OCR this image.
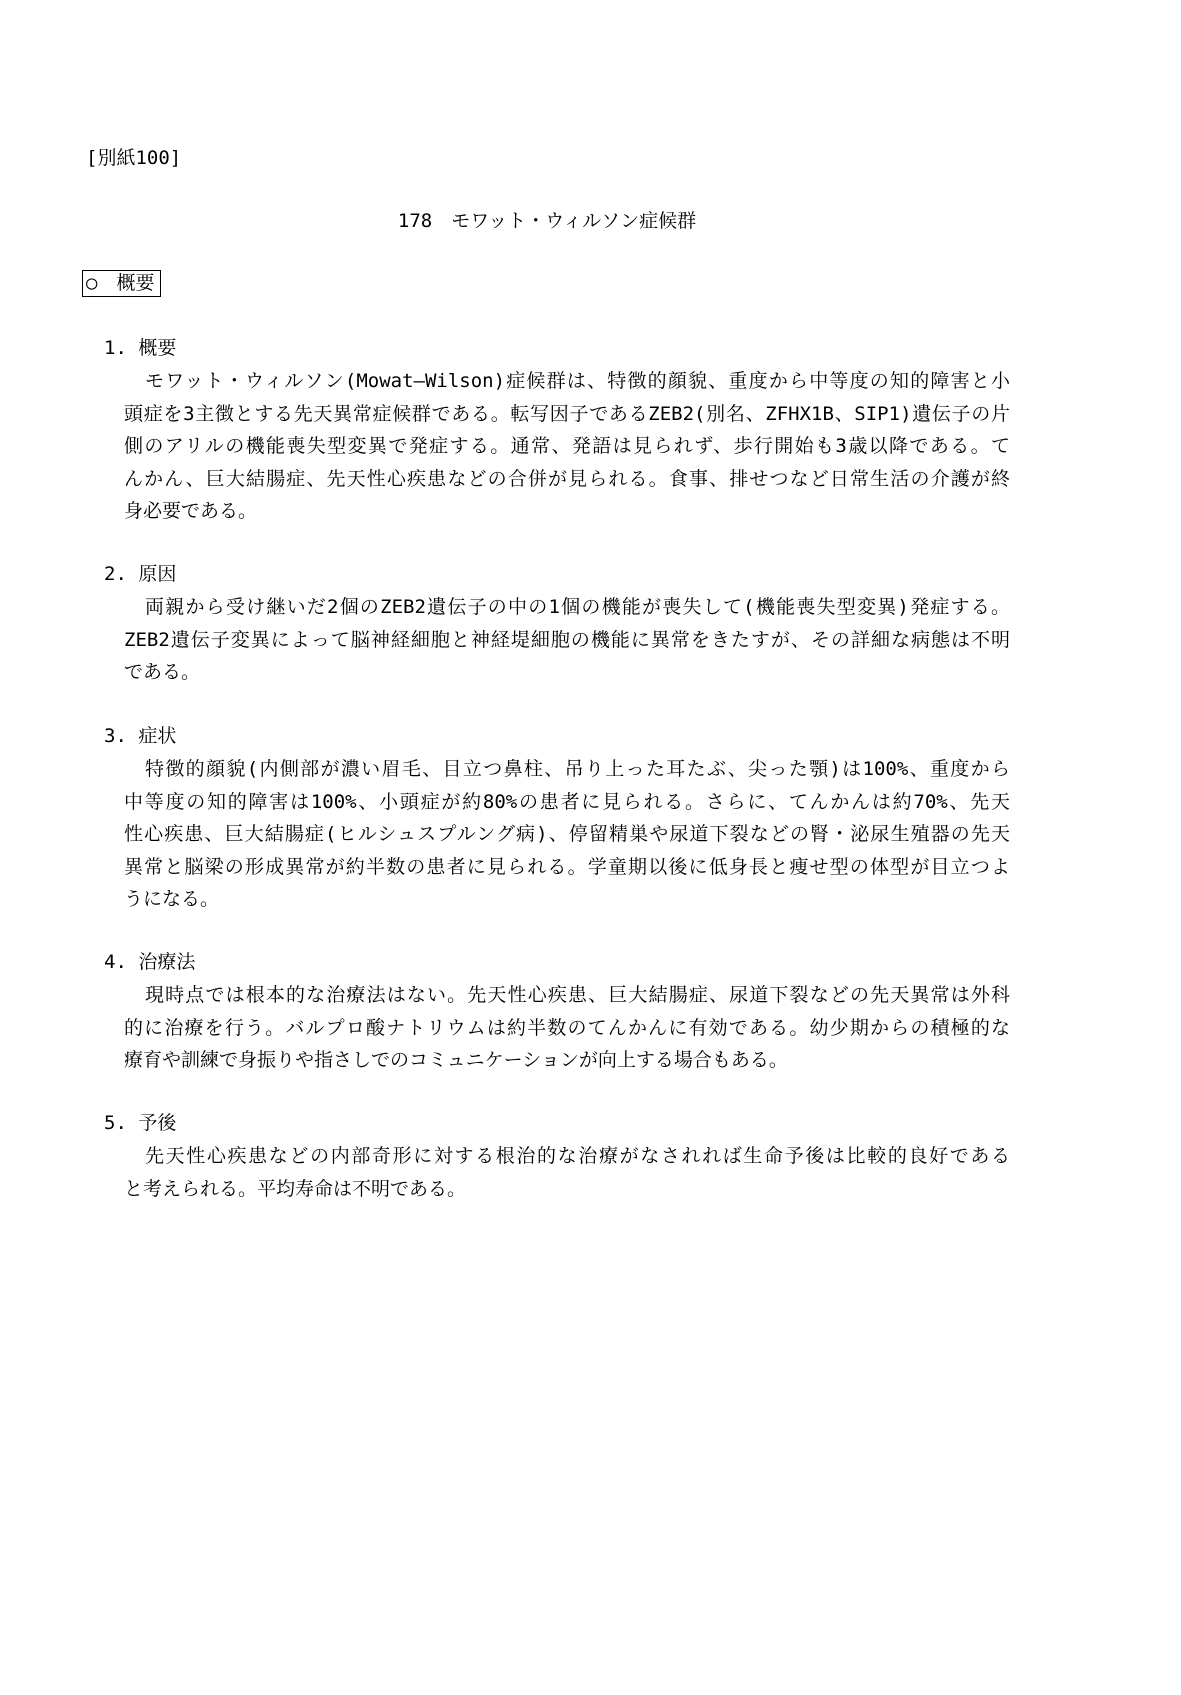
[別紙100]
178　モワット・ウィルソン症候群
○　概要
1. 概要
モワット・ウィルソン(Mowat—Wilson)症候群は、特徴的顔貌、重度から中等度の知的障害と小
頭症を3主徴とする先天異常症候群である。転写因子であるZEB2(別名、ZFHX1B、SIP1)遺伝子の片
側のアリルの機能喪失型変異で発症する。通常、発語は見られず、歩行開始も3歳以降である。て
んかん、巨大結腸症、先天性心疾患などの合併が見られる。食事、排せつなど日常生活の介護が終
身必要である。
2. 原因
両親から受け継いだ2個のZEB2遺伝子の中の1個の機能が喪失して(機能喪失型変異)発症する。
ZEB2遺伝子変異によって脳神経細胞と神経堤細胞の機能に異常をきたすが、その詳細な病態は不明
である。
3. 症状
特徴的顔貌(内側部が濃い眉毛、目立つ鼻柱、吊り上った耳たぶ、尖った顎)は100%、重度から
中等度の知的障害は100%、小頭症が約80%の患者に見られる。さらに、てんかんは約70%、先天
性心疾患、巨大結腸症(ヒルシュスプルング病)、停留精巣や尿道下裂などの腎・泌尿生殖器の先天
異常と脳梁の形成異常が約半数の患者に見られる。学童期以後に低身長と痩せ型の体型が目立つよ
うになる。
4. 治療法
現時点では根本的な治療法はない。先天性心疾患、巨大結腸症、尿道下裂などの先天異常は外科
的に治療を行う。バルプロ酸ナトリウムは約半数のてんかんに有効である。幼少期からの積極的な
療育や訓練で身振りや指さしでのコミュニケーションが向上する場合もある。
5. 予後
先天性心疾患などの内部奇形に対する根治的な治療がなされれば生命予後は比較的良好である
と考えられる。平均寿命は不明である。
